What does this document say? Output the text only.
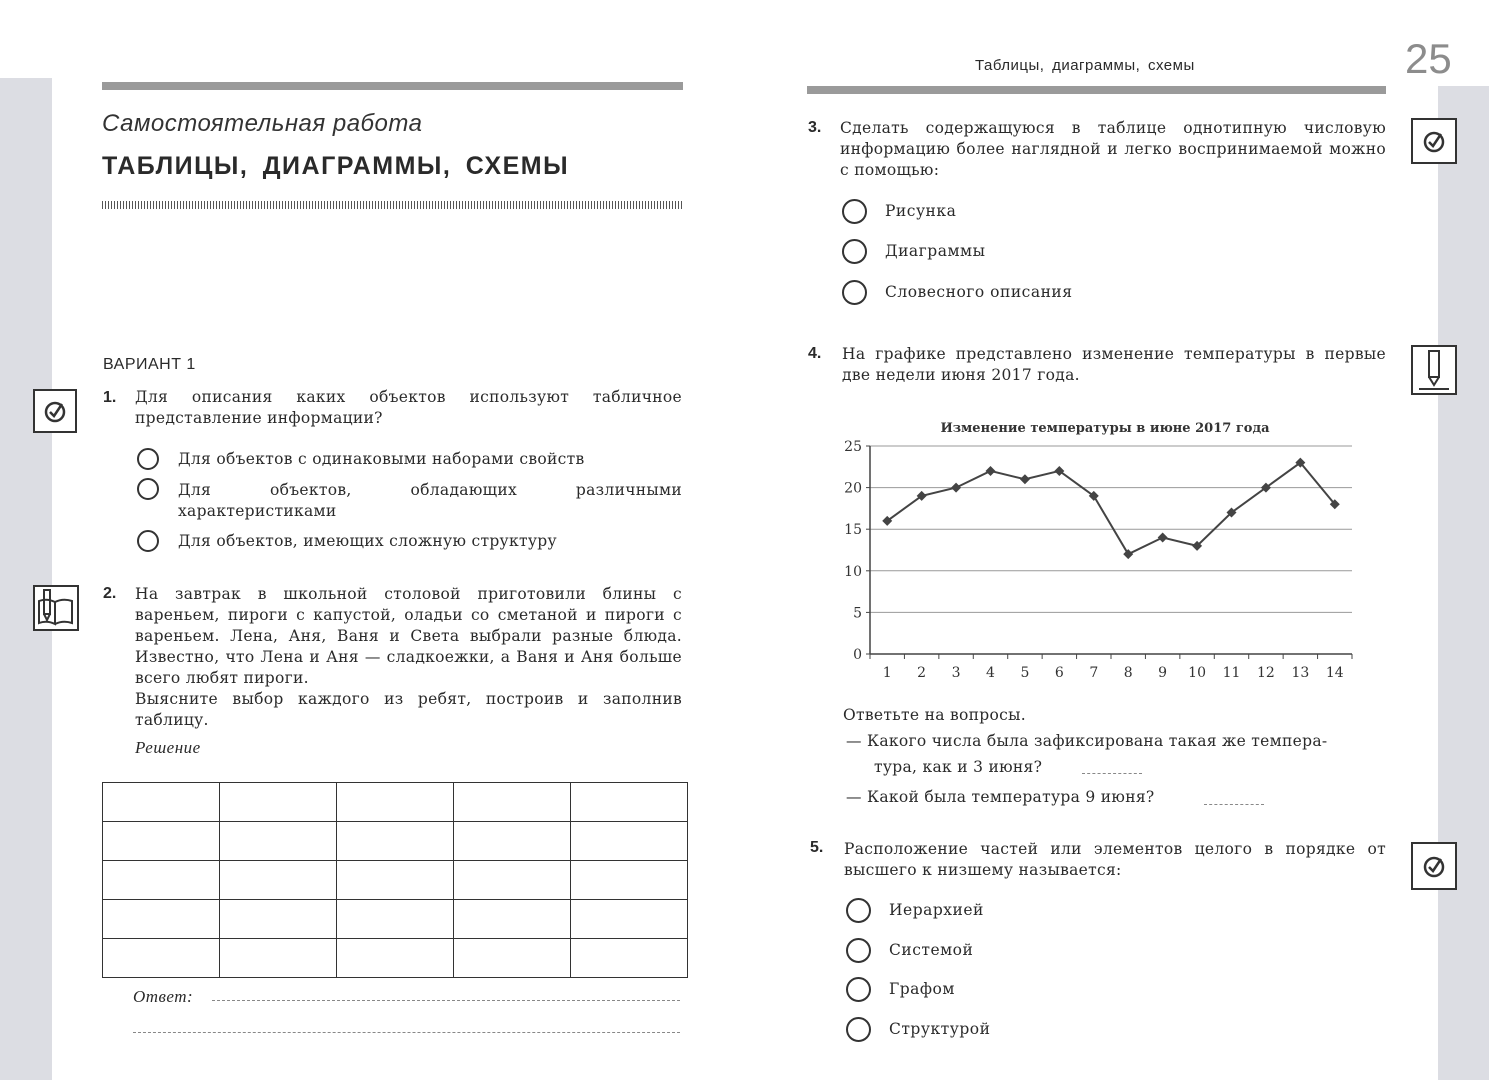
Самостоятельная работа
ТАБЛИЦЫ, ДИАГРАММЫ, СХЕМЫ
ВАРИАНТ 1
1. Для описания каких объектов используют табличное представление информации?
Для объектов с одинаковыми наборами свойств
Для объектов, обладающих различными характеристиками
Для объектов, имеющих сложную структуру
2. На завтрак в школьной столовой приготовили блины с вареньем, пироги с капустой, оладьи со сметаной и пироги с вареньем. Лена, Аня, Ваня и Света выбрали разные блюда. Известно, что Лена и Аня — сладкоежки, а Ваня и Аня больше всего любят пироги.
Выясните выбор каждого из ребят, построив и заполнив таблицу.
Решение

Ответ:
Таблицы, диаграммы, схемы	25
3. Сделать содержащуюся в таблице однотипную числовую информацию более наглядной и легко воспринимаемой можно с помощью:
Рисунка
Диаграммы
Словесного описания
4. На графике представлено изменение температуры в первые две недели июня 2017 года.
Изменение температуры в июне 2017 года
0
5
10
15
20
25
1 2 3 4 5 6 7 8 9 10 11 12 13 14
Ответьте на вопросы.
— Какого числа была зафиксирована такая же темпера-
тура, как и 3 июня?
— Какой была температура 9 июня?
5. Расположение частей или элементов целого в порядке от высшего к низшему называется:
Иерархией
Системой
Графом
Структурой
